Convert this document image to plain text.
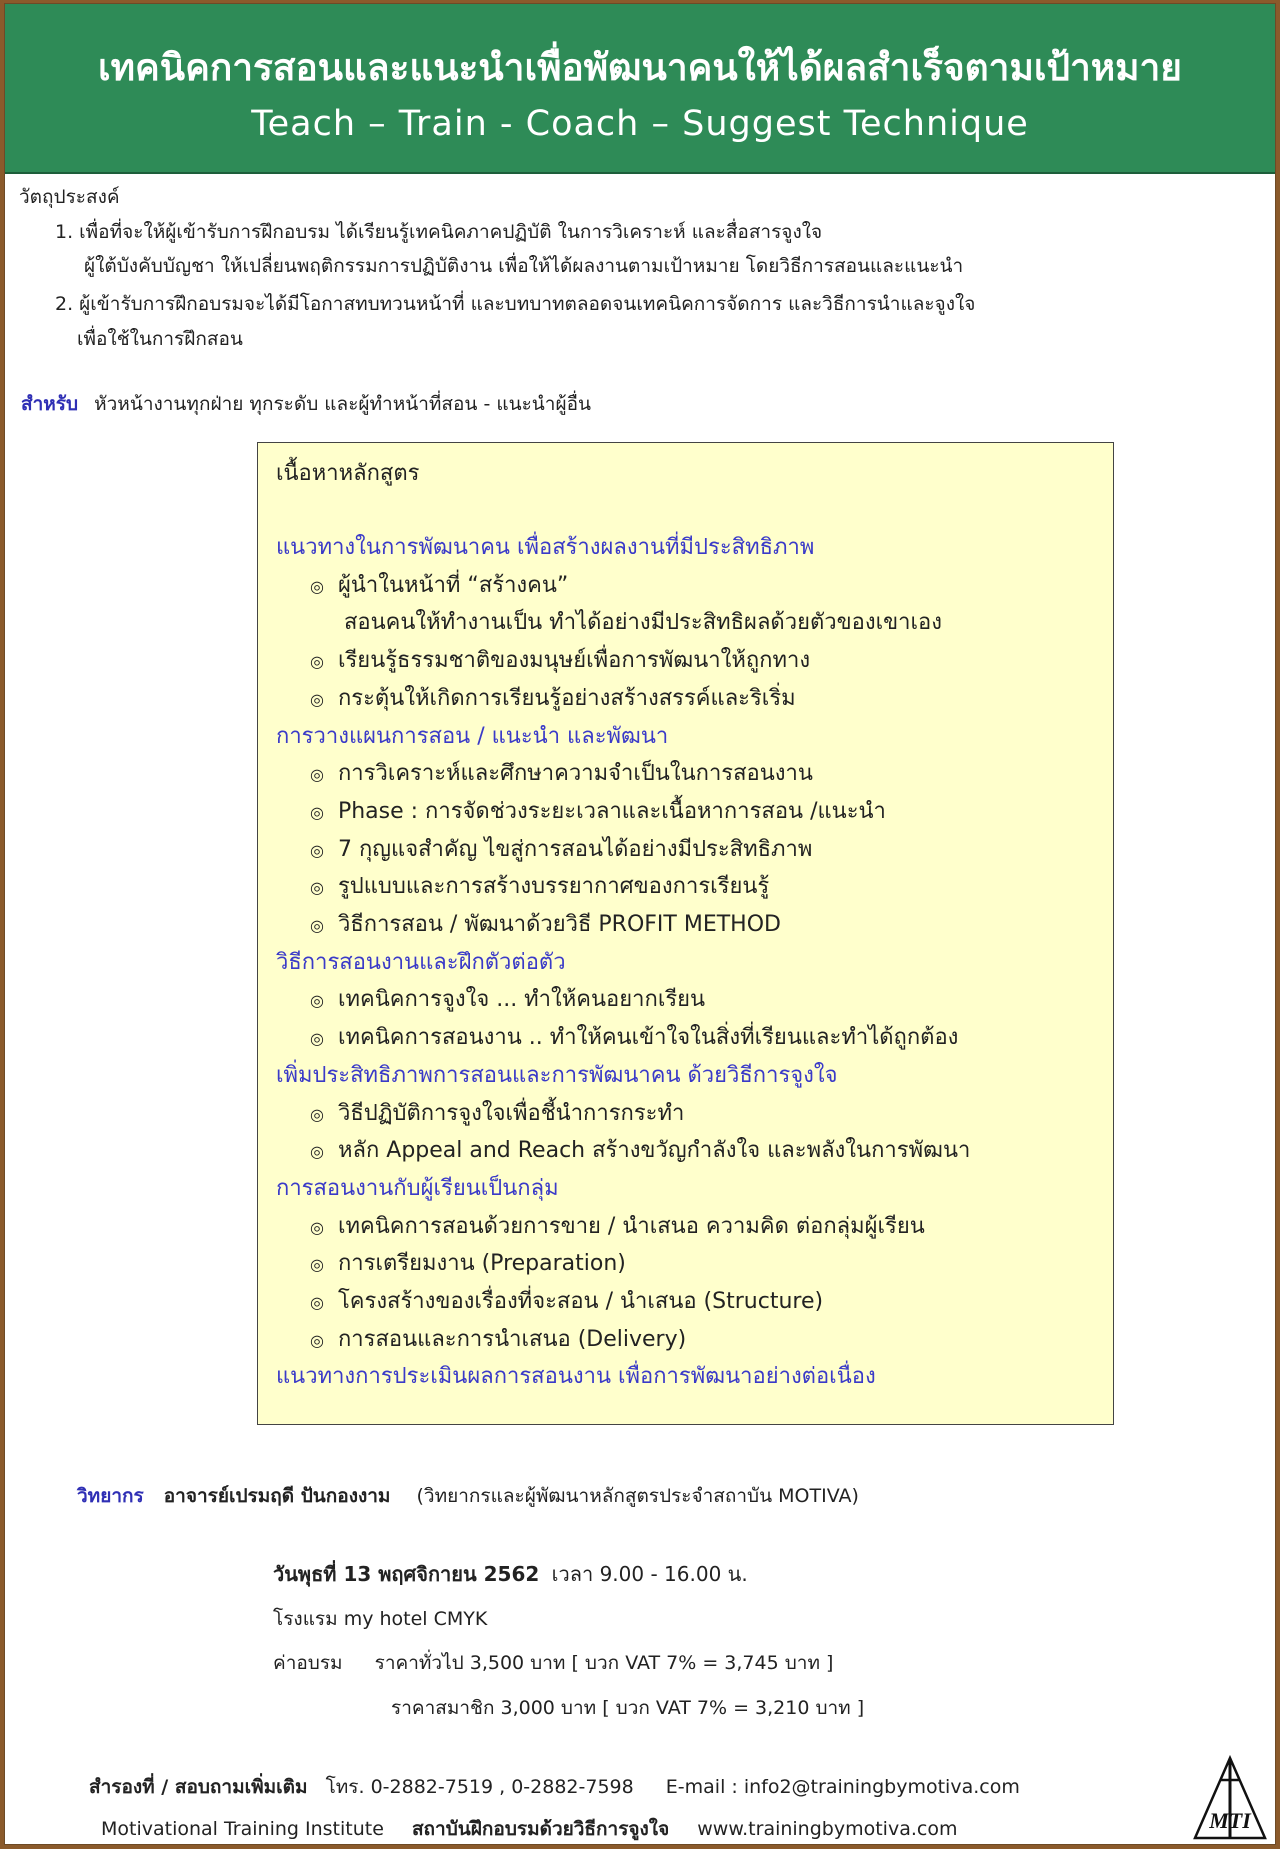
เทคนิคการสอนและแนะนำเพื่อพัฒนาคนให้ได้ผลสำเร็จตามเป้าหมาย
Teach – Train - Coach – Suggest Technique
วัตถุประสงค์
1. เพื่อที่จะให้ผู้เข้ารับการฝึกอบรม ได้เรียนรู้เทคนิคภาคปฏิบัติ ในการวิเคราะห์ และสื่อสารจูงใจ
ผู้ใต้บังคับบัญชา ให้เปลี่ยนพฤติกรรมการปฏิบัติงาน เพื่อให้ได้ผลงานตามเป้าหมาย โดยวิธีการสอนและแนะนำ
2. ผู้เข้ารับการฝึกอบรมจะได้มีโอกาสทบทวนหน้าที่ และบทบาทตลอดจนเทคนิคการจัดการ และวิธีการนำและจูงใจ
เพื่อใช้ในการฝึกสอน
สำหรับ หัวหน้างานทุกฝ่าย ทุกระดับ และผู้ทำหน้าที่สอน - แนะนำผู้อื่น
เนื้อหาหลักสูตร
แนวทางในการพัฒนาคน เพื่อสร้างผลงานที่มีประสิทธิภาพ
◎ ผู้นำในหน้าที่ “สร้างคน”
สอนคนให้ทำงานเป็น ทำได้อย่างมีประสิทธิผลด้วยตัวของเขาเอง
◎ เรียนรู้ธรรมชาติของมนุษย์เพื่อการพัฒนาให้ถูกทาง
◎ กระตุ้นให้เกิดการเรียนรู้อย่างสร้างสรรค์และริเริ่ม
การวางแผนการสอน / แนะนำ และพัฒนา
◎ การวิเคราะห์และศึกษาความจำเป็นในการสอนงาน
◎ Phase : การจัดช่วงระยะเวลาและเนื้อหาการสอน /แนะนำ
◎ 7 กุญแจสำคัญ ไขสู่การสอนได้อย่างมีประสิทธิภาพ
◎ รูปแบบและการสร้างบรรยากาศของการเรียนรู้
◎ วิธีการสอน / พัฒนาด้วยวิธี PROFIT METHOD
วิธีการสอนงานและฝึกตัวต่อตัว
◎ เทคนิคการจูงใจ ... ทำให้คนอยากเรียน
◎ เทคนิคการสอนงาน .. ทำให้คนเข้าใจในสิ่งที่เรียนและทำได้ถูกต้อง
เพิ่มประสิทธิภาพการสอนและการพัฒนาคน ด้วยวิธีการจูงใจ
◎ วิธีปฏิบัติการจูงใจเพื่อชี้นำการกระทำ
◎ หลัก Appeal and Reach สร้างขวัญกำลังใจ และพลังในการพัฒนา
การสอนงานกับผู้เรียนเป็นกลุ่ม
◎ เทคนิคการสอนด้วยการขาย / นำเสนอ ความคิด ต่อกลุ่มผู้เรียน
◎ การเตรียมงาน (Preparation)
◎ โครงสร้างของเรื่องที่จะสอน / นำเสนอ (Structure)
◎ การสอนและการนำเสนอ (Delivery)
แนวทางการประเมินผลการสอนงาน เพื่อการพัฒนาอย่างต่อเนื่อง
วิทยากร อาจารย์เปรมฤดี ปันกองงาม (วิทยากรและผู้พัฒนาหลักสูตรประจำสถาบัน MOTIVA)
วันพุธที่ 13 พฤศจิกายน 2562 เวลา 9.00 - 16.00 น.
โรงแรม my hotel CMYK
ค่าอบรม ราคาทั่วไป 3,500 บาท [ บวก VAT 7% = 3,745 บาท ]
ราคาสมาชิก 3,000 บาท [ บวก VAT 7% = 3,210 บาท ]
สำรองที่ / สอบถามเพิ่มเติม โทร. 0-2882-7519 , 0-2882-7598 E-mail : info2@trainingbymotiva.com
Motivational Training Institute สถาบันฝึกอบรมด้วยวิธีการจูงใจ www.trainingbymotiva.com	MTI
